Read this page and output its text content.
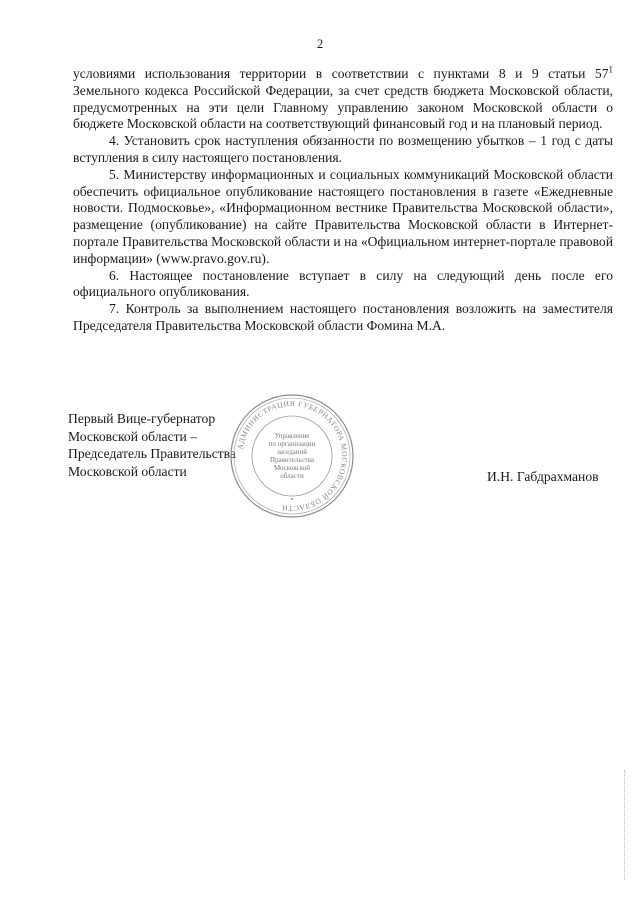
2

условиями использования территории в соответствии с пунктами 8 и 9 статьи $57^1$ Земельного кодекса Российской Федерации, за счет средств бюджета Московской области, предусмотренных на эти цели Главному управлению законом Московской области о бюджете Московской области на соответствующий финансовый год и на плановый период.

4. Установить срок наступления обязанности по возмещению убытков – 1 год с даты вступления в силу настоящего постановления.

5. Министерству информационных и социальных коммуникаций Московской области обеспечить официальное опубликование настоящего постановления в газете «Ежедневные новости. Подмосковье», «Информационном вестнике Правительства Московской области», размещение (опубликование) на сайте Правительства Московской области в Интернет-портале Правительства Московской области и на «Официальном интернет-портале правовой информации» (www.pravo.gov.ru).

6. Настоящее постановление вступает в силу на следующий день после его официального опубликования.

7. Контроль за выполнением настоящего постановления возложить на заместителя Председателя Правительства Московской области Фомина М.А.

Первый Вице-губернатор
Московской области –
Председатель Правительства
Московской области
АДМИНИСТРАЦИЯ ГУБЕРНАТОРА МОСКОВСКОЙ ОБЛАСТИ
•
Управление
по организации
заседаний
Правительства
Московской
области	И.Н. Габдрахманов
